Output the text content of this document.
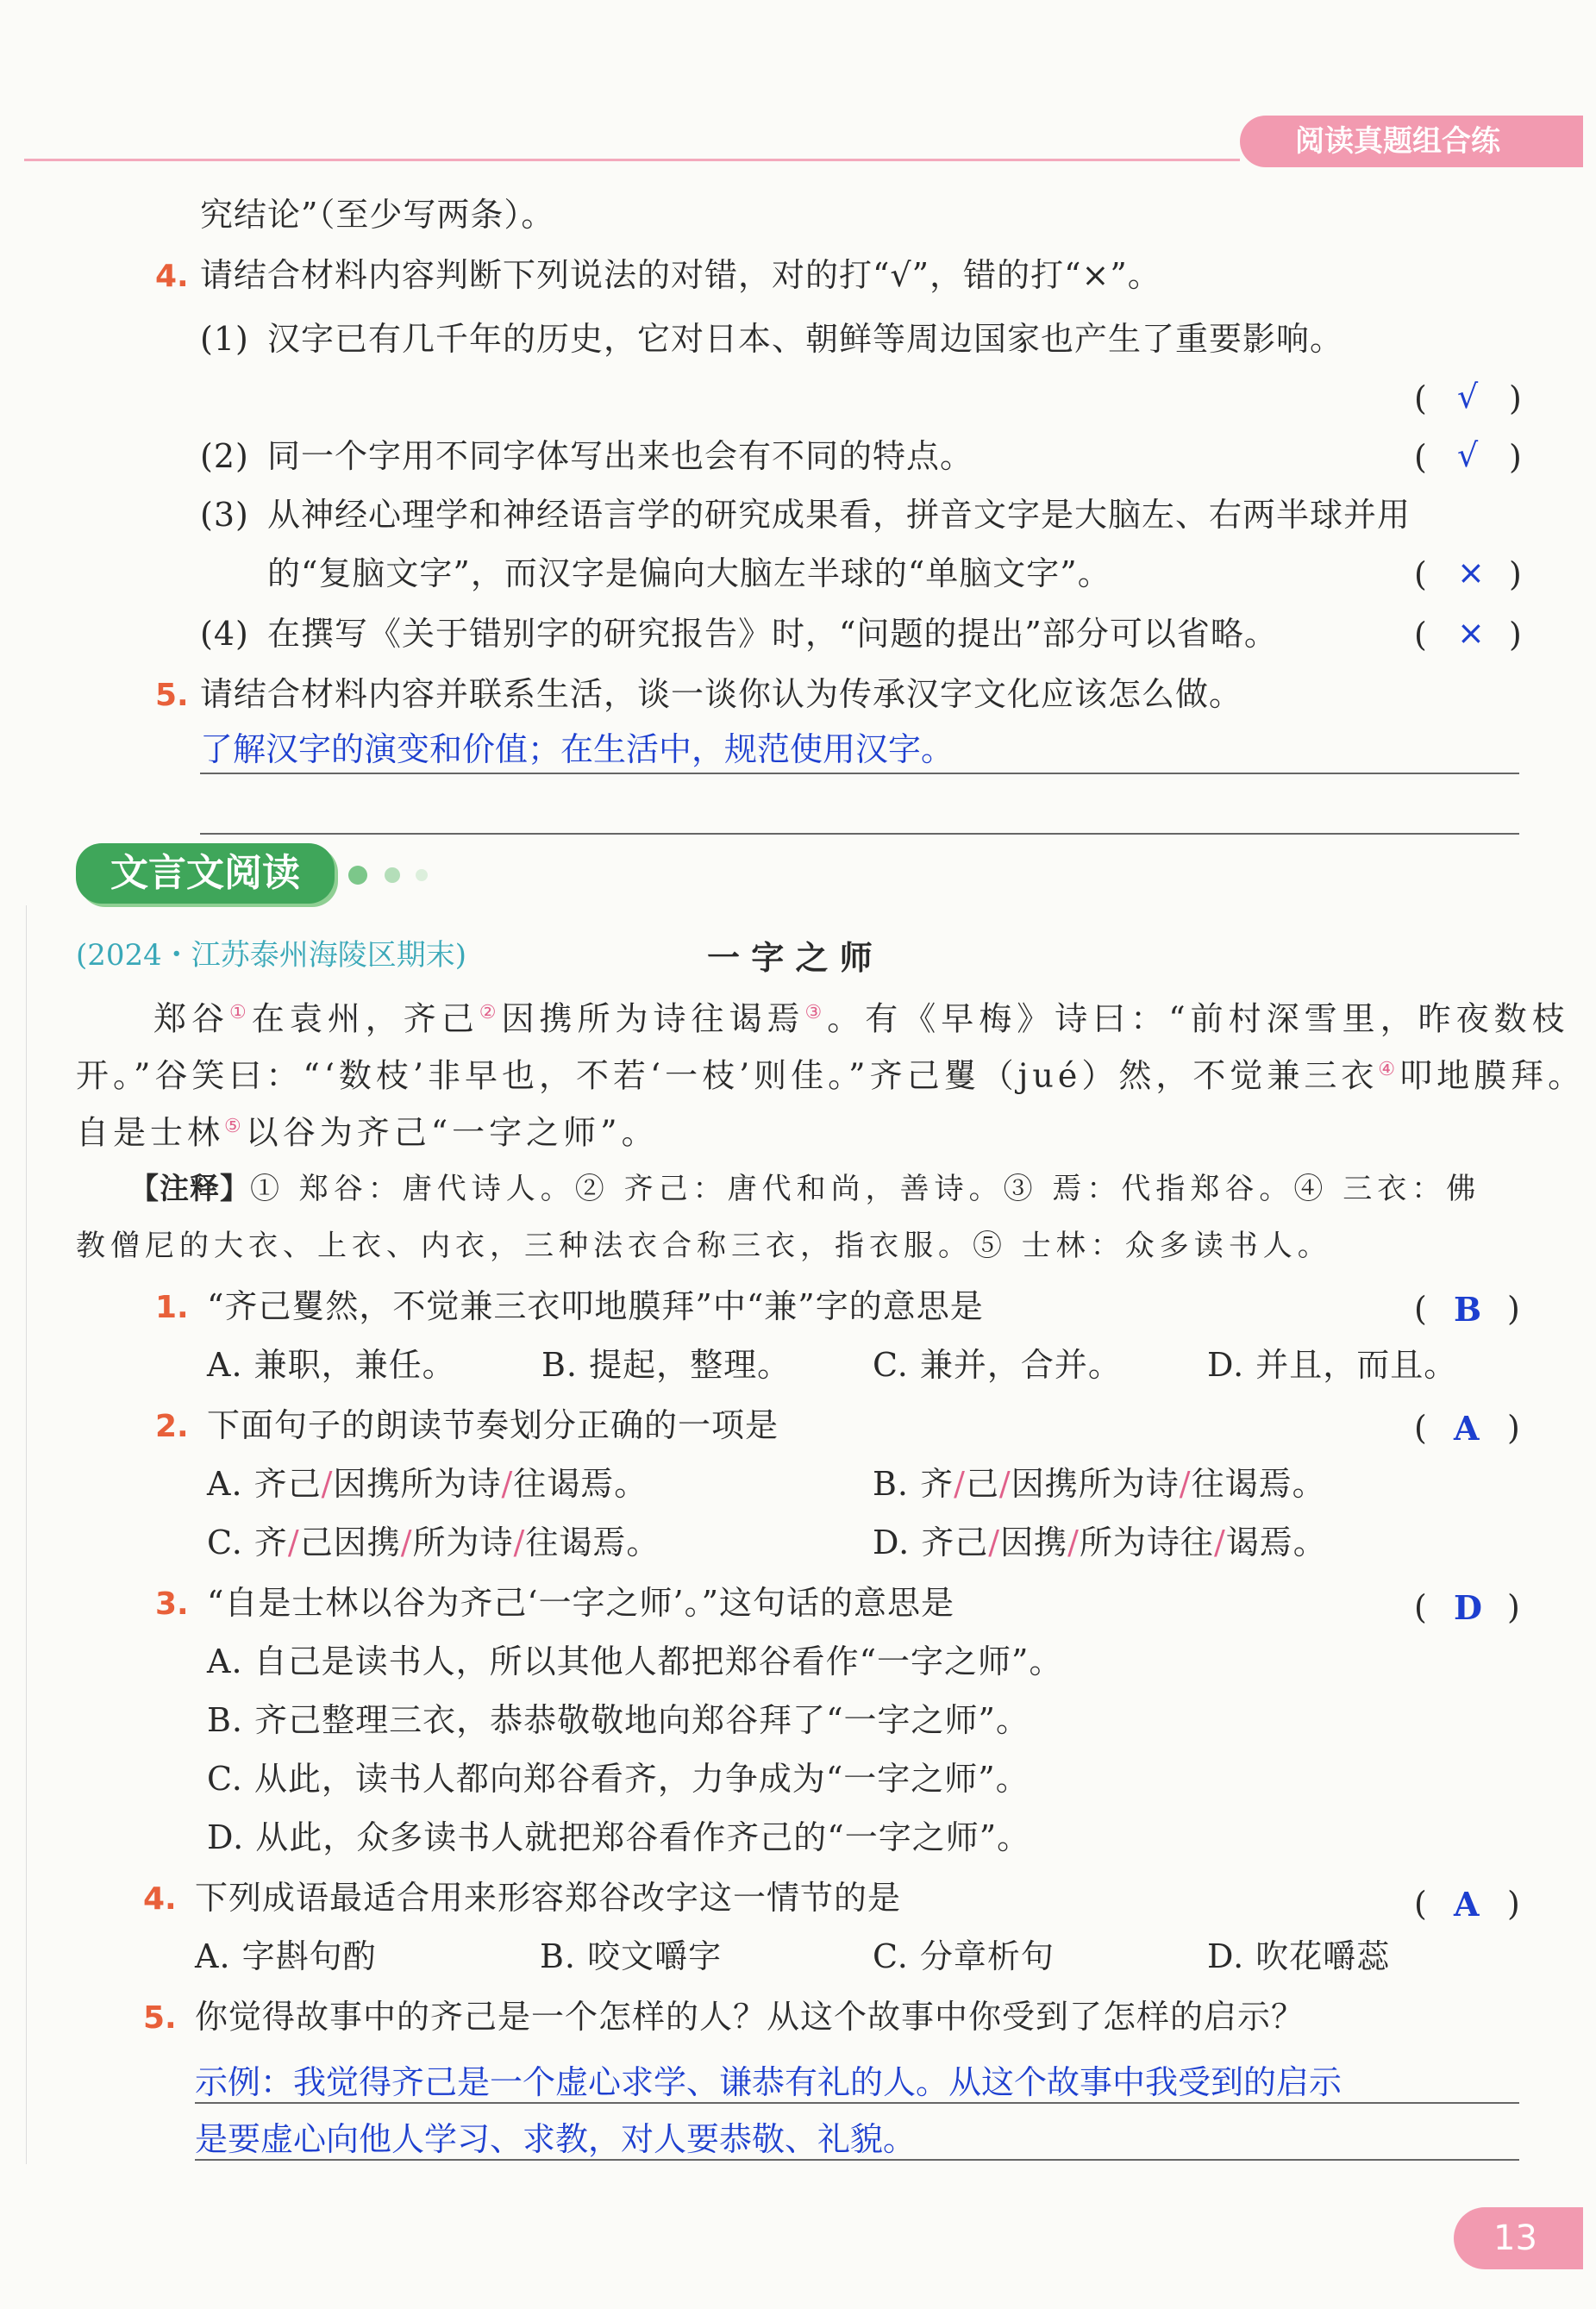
阅读真题组合练
究结论”（至少写两条）。
4. 请结合材料内容判断下列说法的对错，对的打“√”，错的打“×”。
(1) 汉字已有几千年的历史，它对日本、朝鲜等周边国家也产生了重要影响。
( √ )
(2) 同一个字用不同字体写出来也会有不同的特点。	( √ )
(3) 从神经心理学和神经语言学的研究成果看，拼音文字是大脑左、右两半球并用
的“复脑文字”，而汉字是偏向大脑左半球的“单脑文字”。	( × )
(4) 在撰写《关于错别字的研究报告》时，“问题的提出”部分可以省略。	( × )
5. 请结合材料内容并联系生活，谈一谈你认为传承汉字文化应该怎么做。
了解汉字的演变和价值；在生活中，规范使用汉字。
文言文阅读
(2024・江苏泰州海陵区期末)	一 字 之 师
郑谷①在袁州，齐己②因携所为诗往谒焉③。有《早梅》诗曰：“前村深雪里，昨夜数枝
开。”谷笑曰：“‘数枝’非早也，不若‘一枝’则佳。”齐己矍（jué）然，不觉兼三衣④叩地膜拜。
自是士林⑤以谷为齐己“一字之师”。
【注释】① 郑谷：唐代诗人。② 齐己：唐代和尚，善诗。③ 焉：代指郑谷。④ 三衣：佛
教僧尼的大衣、上衣、内衣，三种法衣合称三衣，指衣服。⑤ 士林：众多读书人。
1. “齐己矍然，不觉兼三衣叩地膜拜”中“兼”字的意思是	( B )
A. 兼职，兼任。	B. 提起，整理。 C. 兼并，合并。	D. 并且，而且。
2. 下面句子的朗读节奏划分正确的一项是	( A )
A. 齐己/因携所为诗/往谒焉。	B. 齐/己/因携所为诗/往谒焉。
C. 齐/己因携/所为诗/往谒焉。	D. 齐己/因携/所为诗往/谒焉。
3. “自是士林以谷为齐己‘一字之师’。”这句话的意思是	( D )
A. 自己是读书人，所以其他人都把郑谷看作“一字之师”。
B. 齐己整理三衣，恭恭敬敬地向郑谷拜了“一字之师”。
C. 从此，读书人都向郑谷看齐，力争成为“一字之师”。
D. 从此，众多读书人就把郑谷看作齐己的“一字之师”。
4. 下列成语最适合用来形容郑谷改字这一情节的是	( A )
A. 字斟句酌	B. 咬文嚼字	C. 分章析句	D. 吹花嚼蕊
5. 你觉得故事中的齐己是一个怎样的人？从这个故事中你受到了怎样的启示？
示例：我觉得齐己是一个虚心求学、谦恭有礼的人。从这个故事中我受到的启示
是要虚心向他人学习、求教，对人要恭敬、礼貌。
13
